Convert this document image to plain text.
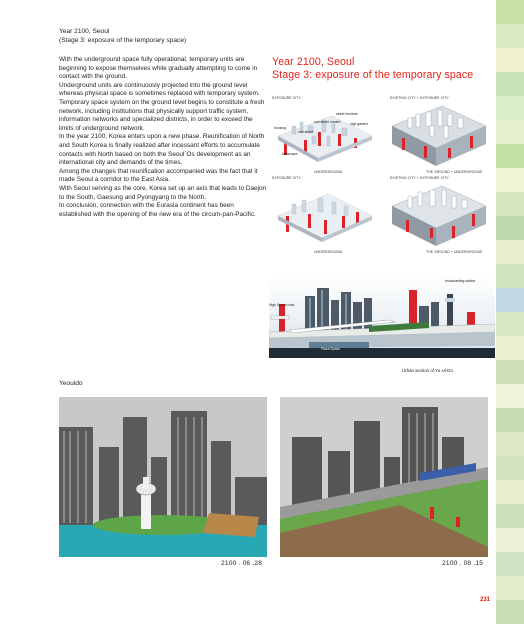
Year 2100, Seoul
(Stage 3: exposure of the temporary space)

With the underground space fully operational, temporary units are beginning to expose themselves while gradually attempting to come in contact with the ground.

Underground units are continuously projected into the ground level whereas physical space is sometimes replaced with temporary system.

Temporary space system on the ground level begins to constitute a fresh network, including institutions that physically support traffic system, information networks and specialized districts, in order to exceed the limits of underground network.

In the year 2100, Korea enters upon a new phase. Reunification of North and South Korea is finally realized after incessant efforts to accumulate contacts with North based on both the Seoul´Os development as an international city and demands of the times.

Among the changes that reunification accompanied was the fact that it made Seoul a corridor to the East Asia.

With Seoul serving as the core, Korea set up an axis that leads to Daejon to the South, Gaesung and Pyongyang to the North.

In conclusion, connection with the Eurasia continent has been established with the opening of the new era of the circum-pan-Pacific.

Year 2100, Seoul
Stage 3: exposure of the temporary space
EXPOSURE CITY
UNDERGROUND
street furniture
high garden
sub-street market
housing
sub-street
landscape
EXISTING CITY + EXPOSURE CITY
THE GROUND + UNDERGROUND
EXPOSURE CITY
UNDERGROUND
EXISTING CITY + EXPOSURE CITY
THE GROUND + UNDERGROUND
broadcasting station
High Speed road
Plaza Space
Urban section of Yu-Ui-Do
Yeouido
2100 . 06 .28	2100 . 08 .15
231
